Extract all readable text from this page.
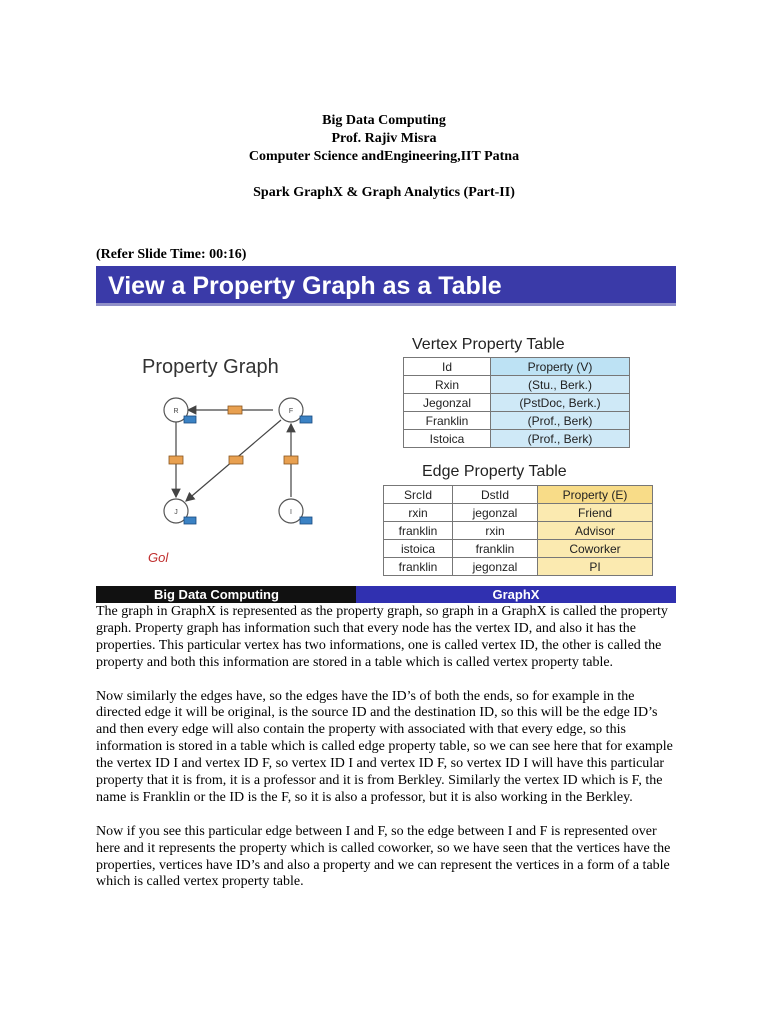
Big Data Computing
Prof. Rajiv Misra
Computer Science andEngineering,IIT Patna
Spark GraphX & Graph Analytics (Part-II)
(Refer Slide Time: 00:16)
View a Property Graph as a Table
Property Graph
R	F
J	I
Vertex Property Table
Id	Property (V)
Rxin	(Stu., Berk.)
Jegonzal	(PstDoc, Berk.)
Franklin	(Prof., Berk)
Istoica	(Prof., Berk)
Edge Property Table
SrcId	DstId	Property (E)
rxin	jegonzal	Friend
franklin	rxin	Advisor
istoica	franklin	Coworker
franklin	jegonzal	PI
Gol
Big Data Computing	GraphX

The graph in GraphX is represented as the property graph, so graph in a GraphX is called the property graph. Property graph has information such that every node has the vertex ID, and also it has the properties. This particular vertex has two informations, one is called vertex ID, the other is called the property and both this information are stored in a table which is called vertex property table.

Now similarly the edges have, so the edges have the ID’s of both the ends, so for example in the directed edge it will be original, is the source ID and the destination ID, so this will be the edge ID’s and then every edge will also contain the property with associated with that every edge, so this information is stored in a table which is called edge property table, so we can see here that for example the vertex ID I and vertex ID F, so vertex ID I and vertex ID F, so vertex ID I will have this particular property that it is from, it is a professor and it is from Berkley. Similarly the vertex ID which is F, the name is Franklin or the ID is the F, so it is also a professor, but it is also working in the Berkley.

Now if you see this particular edge between I and F, so the edge between I and F is represented over here and it represents the property which is called coworker, so we have seen that the vertices have the properties, vertices have ID’s and also a property and we can represent the vertices in a form of a table which is called vertex property table.
